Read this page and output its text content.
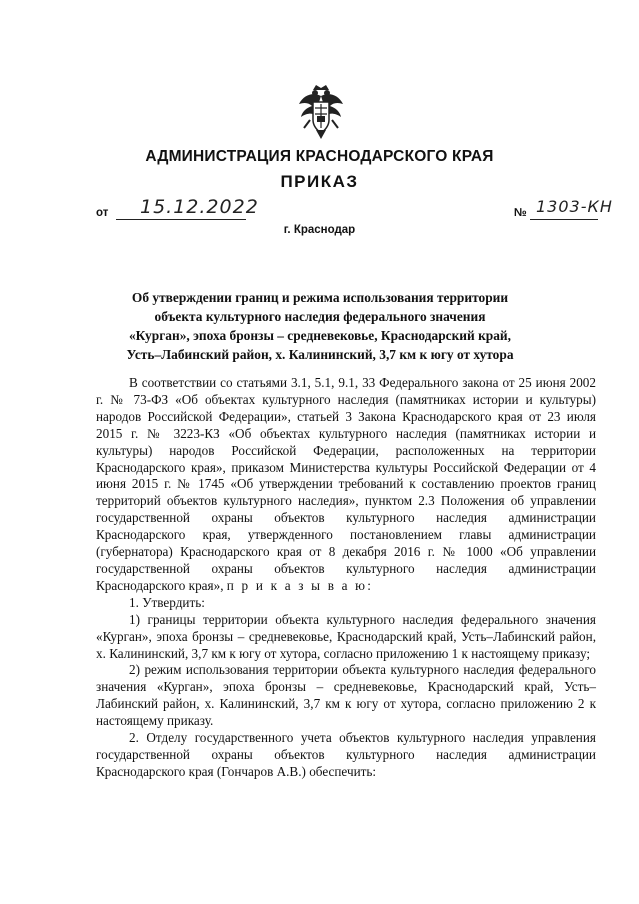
АДМИНИСТРАЦИЯ КРАСНОДАРСКОГО КРАЯ
ПРИКАЗ
от 15.12.2022	№ 1303-КН
г. Краснодар
Об утверждении границ и режима использования территории
объекта культурного наследия федерального значения
«Курган», эпоха бронзы – средневековье, Краснодарский край,
Усть–Лабинский район, х. Калининский, 3,7 км к югу от хутора

В соответствии со статьями 3.1, 5.1, 9.1, 33 Федерального закона от 25 июня 2002 г. № 73-ФЗ «Об объектах культурного наследия (памятниках истории и культуры) народов Российской Федерации», статьей 3 Закона Краснодарского края от 23 июля 2015 г. № 3223-КЗ «Об объектах культурного наследия (памятниках истории и культуры) народов Российской Федерации, расположенных на территории Краснодарского края», приказом Министерства культуры Российской Федерации от 4 июня 2015 г. № 1745 «Об утверждении требований к составлению проектов границ территорий объектов культурного наследия», пунктом 2.3 Положения об управлении государственной охраны объектов культурного наследия администрации Краснодарского края, утвержденного постановлением главы администрации (губернатора) Краснодарского края от 8 декабря 2016 г. № 1000 «Об управлении государственной охраны объектов культурного наследия администрации Краснодарского края», п р и к а з ы в а ю:

1. Утвердить:

1) границы территории объекта культурного наследия федерального значения «Курган», эпоха бронзы – средневековье, Краснодарский край, Усть–Лабинский район, х. Калининский, 3,7 км к югу от хутора, согласно приложению 1 к настоящему приказу;

2) режим использования территории объекта культурного наследия федерального значения «Курган», эпоха бронзы – средневековье, Краснодарский край, Усть–Лабинский район, х. Калининский, 3,7 км к югу от хутора, согласно приложению 2 к настоящему приказу.

2. Отделу государственного учета объектов культурного наследия управления государственной охраны объектов культурного наследия администрации Краснодарского края (Гончаров А.В.) обеспечить:
